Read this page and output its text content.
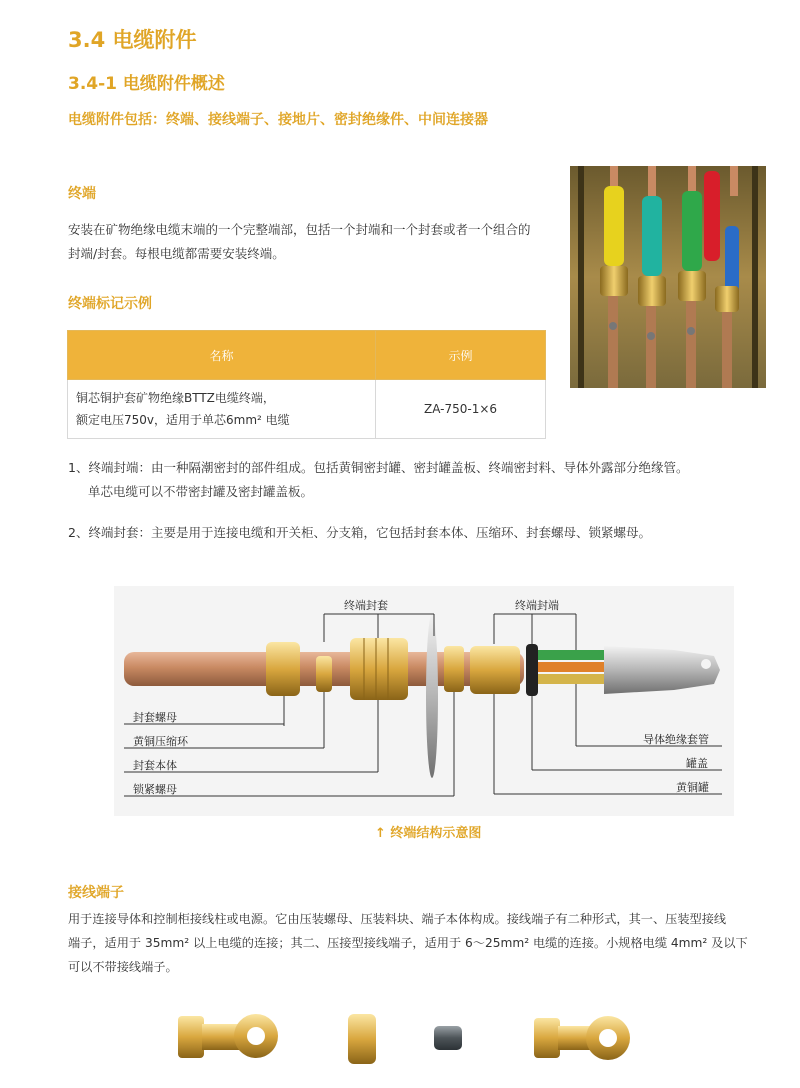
3.4 电缆附件
3.4-1 电缆附件概述
电缆附件包括：终端、接线端子、接地片、密封绝缘件、中间连接器
终端
安装在矿物绝缘电缆末端的一个完整端部，包括一个封端和一个封套或者一个组合的
封端/封套。每根电缆都需要安装终端。
终端标记示例
名称	示例

铜芯铜护套矿物绝缘BTTZ电缆终端，
额定电压750v，适用于单芯6mm² 电缆	ZA-750-1×6
1、终端封端：由一种隔潮密封的部件组成。包括黄铜密封罐、密封罐盖板、终端密封料、导体外露部分绝缘管。
单芯电缆可以不带密封罐及密封罐盖板。
2、终端封套：主要是用于连接电缆和开关柜、分支箱，它包括封套本体、压缩环、封套螺母、锁紧螺母。
终端封套	终端封端
封套螺母
黄铜压缩环
封套本体
锁紧螺母
导体绝缘套管
罐盖
黄铜罐
↑ 终端结构示意图
接线端子
用于连接导体和控制柜接线柱或电源。它由压装螺母、压装料块、端子本体构成。接线端子有二种形式，其一、压装型接线
端子，适用于 35mm² 以上电缆的连接；其二、压接型接线端子，适用于 6～25mm² 电缆的连接。小规格电缆 4mm² 及以下
可以不带接线端子。
